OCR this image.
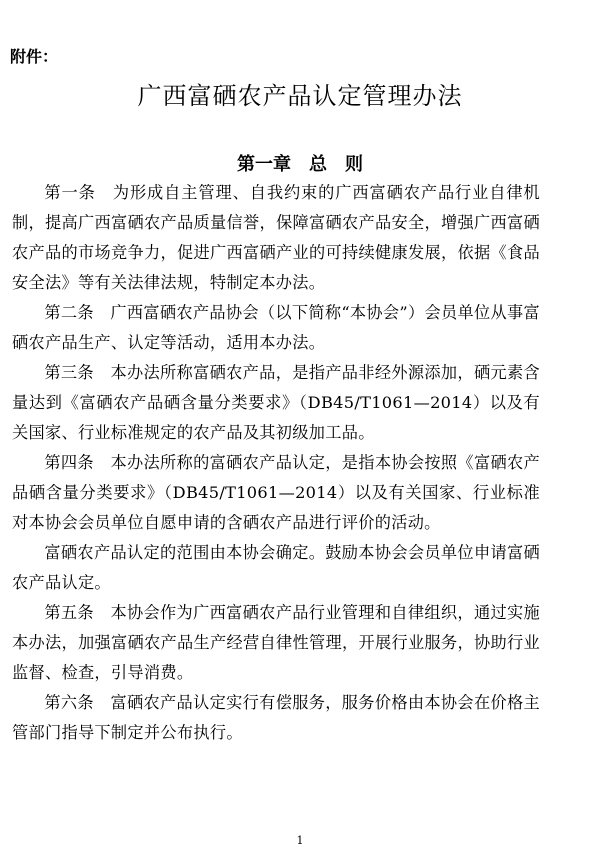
附件：
广西富硒农产品认定管理办法
第一章　总　则

第一条　为形成自主管理、自我约束的广西富硒农产品行业自律机制，提高广西富硒农产品质量信誉，保障富硒农产品安全，增强广西富硒农产品的市场竞争力，促进广西富硒产业的可持续健康发展，依据《食品安全法》等有关法律法规，特制定本办法。

第二条　广西富硒农产品协会（以下简称“本协会”）会员单位从事富硒农产品生产、认定等活动，适用本办法。

第三条　本办法所称富硒农产品，是指产品非经外源添加，硒元素含量达到《富硒农产品硒含量分类要求》（DB45/T1061—2014）以及有关国家、行业标准规定的农产品及其初级加工品。

第四条　本办法所称的富硒农产品认定，是指本协会按照《富硒农产品硒含量分类要求》（DB45/T1061—2014）以及有关国家、行业标准对本协会会员单位自愿申请的含硒农产品进行评价的活动。

富硒农产品认定的范围由本协会确定。鼓励本协会会员单位申请富硒农产品认定。

第五条　本协会作为广西富硒农产品行业管理和自律组织，通过实施本办法，加强富硒农产品生产经营自律性管理，开展行业服务，协助行业监督、检查，引导消费。

第六条　富硒农产品认定实行有偿服务，服务价格由本协会在价格主管部门指导下制定并公布执行。

1
